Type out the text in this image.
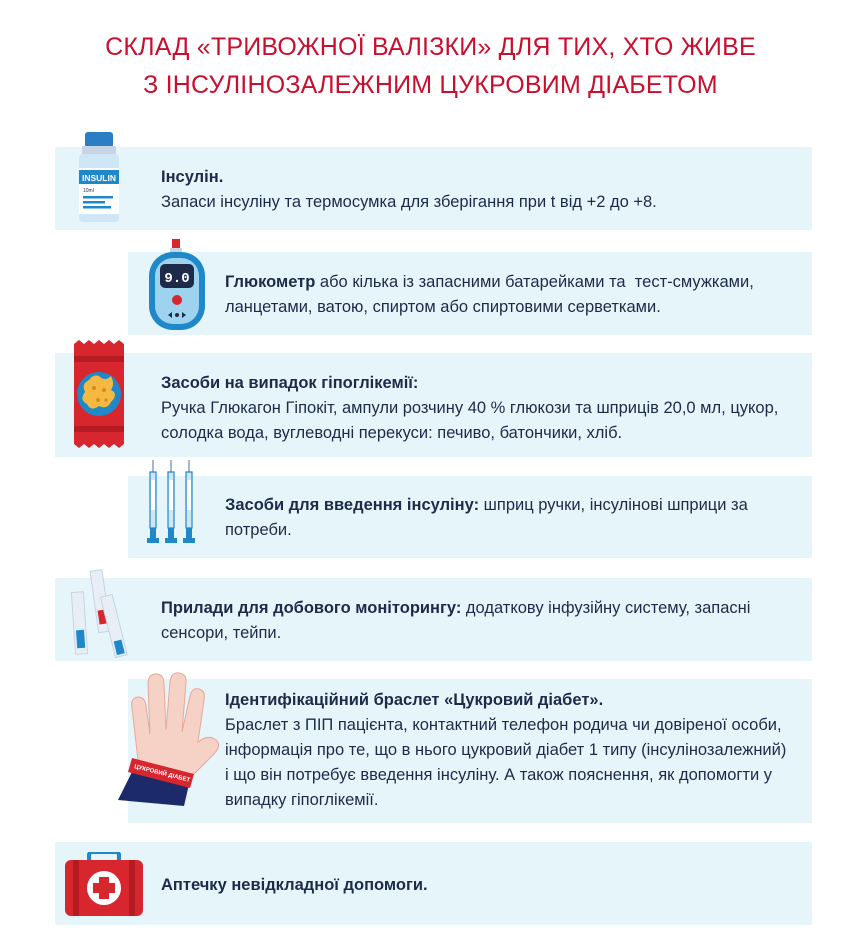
СКЛАД «ТРИВОЖНОЇ ВАЛІЗКИ» ДЛЯ ТИХ, ХТО ЖИВЕ
З ІНСУЛІНОЗАЛЕЖНИМ ЦУКРОВИМ ДІАБЕТОМ
INSULIN
10ml
Інсулін.
Запаси інсуліну та термосумка для зберігання при t від +2 до +8.
9.0 Глюкометр або кілька із запасними батарейками та  тест-смужками,
ланцетами, ватою, спиртом або спиртовими серветками.
Засоби на випадок гіпоглікемії:
Ручка Глюкагон Гіпокіт, ампули розчину 40 % глюкози та шприців 20,0 мл, цукор,
солодка вода, вуглеводні перекуси: печиво, батончики, хліб.
Засоби для введення інсуліну: шприц ручки, інсулінові шприци за
потреби.
Прилади для добового моніторингу: додаткову інфузійну систему, запасні
сенсори, тейпи.
ЦУКРОВИЙ ДІАБЕТ
Ідентифікаційний браслет «Цукровий діабет».
Браслет з ПІП пацієнта, контактний телефон родича чи довіреної особи,
інформація про те, що в нього цукровий діабет 1 типу (інсулінозалежний)
і що він потребує введення інсуліну. А також пояснення, як допомогти у
випадку гіпоглікемії.
Аптечку невідкладної допомоги.
